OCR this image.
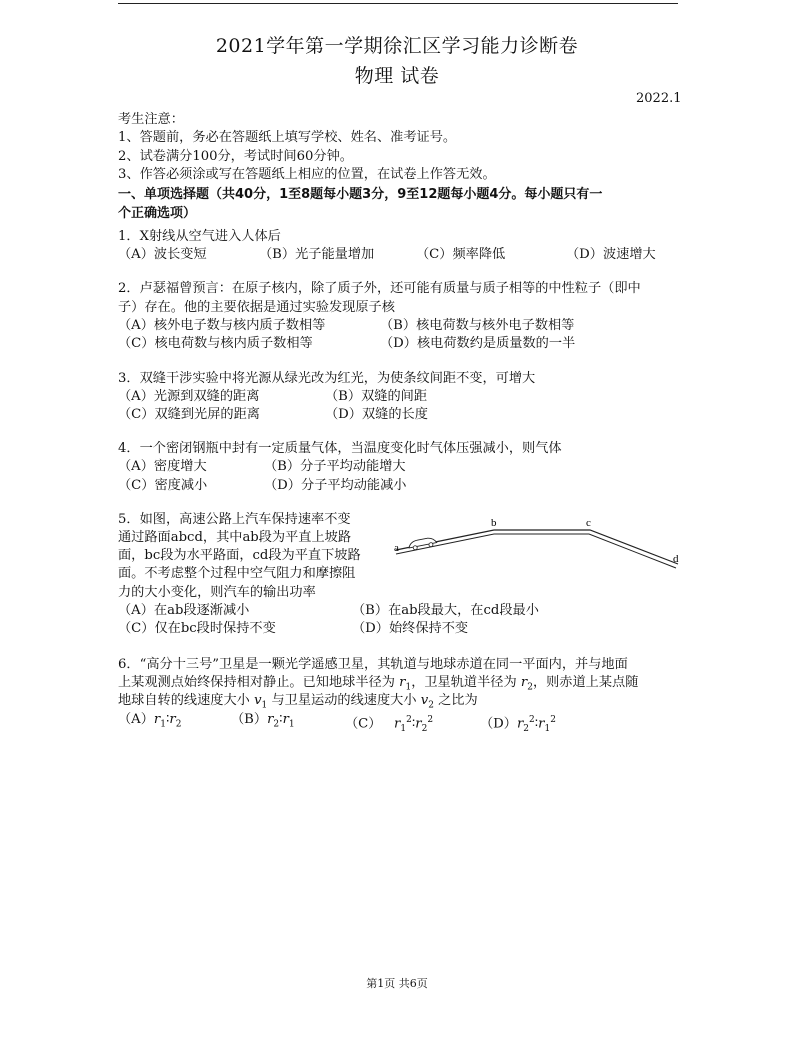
2021学年第一学期徐汇区学习能力诊断卷
物理 试卷
2022.1
考生注意：
1、答题前，务必在答题纸上填写学校、姓名、准考证号。
2、试卷满分100分，考试时间60分钟。
3、作答必须涂或写在答题纸上相应的位置，在试卷上作答无效。
一、单项选择题（共40分，1至8题每小题3分，9至12题每小题4分。每小题只有一
个正确选项）
1．X射线从空气进入人体后
（A）波长变短	（B）光子能量增加	（C）频率降低	（D）波速增大
2．卢瑟福曾预言：在原子核内，除了质子外，还可能有质量与质子相等的中性粒子（即中
子）存在。他的主要依据是通过实验发现原子核
（A）核外电子数与核内质子数相等	（B）核电荷数与核外电子数相等
（C）核电荷数与核内质子数相等	（D）核电荷数约是质量数的一半
3．双缝干涉实验中将光源从绿光改为红光，为使条纹间距不变，可增大
（A）光源到双缝的距离	（B）双缝的间距
（C）双缝到光屏的距离	（D）双缝的长度
4．一个密闭钢瓶中封有一定质量气体，当温度变化时气体压强减小，则气体
（A）密度增大	（B）分子平均动能增大
（C）密度减小	（D）分子平均动能减小
5．如图，高速公路上汽车保持速率不变
通过路面abcd，其中ab段为平直上坡路
面，bc段为水平路面，cd段为平直下坡路
面。不考虑整个过程中空气阻力和摩擦阻
力的大小变化，则汽车的输出功率
a
b	c
d
（A）在ab段逐渐减小	（B）在ab段最大，在cd段最小
（C）仅在bc段时保持不变	（D）始终保持不变
6．“高分十三号”卫星是一颗光学遥感卫星，其轨道与地球赤道在同一平面内，并与地面
上某观测点始终保持相对静止。已知地球半径为 $r_1$，卫星轨道半径为 $r_2$，则赤道上某点随
地球自转的线速度大小 $v_1$ 与卫星运动的线速度大小 $v_2$ 之比为
$(A)r_1∶r_2$	$(B)r_2∶r_1$	（C） $r_1^2∶r_2^2$	$(D)r_2^2∶r_1^2$
第1页 共6页
